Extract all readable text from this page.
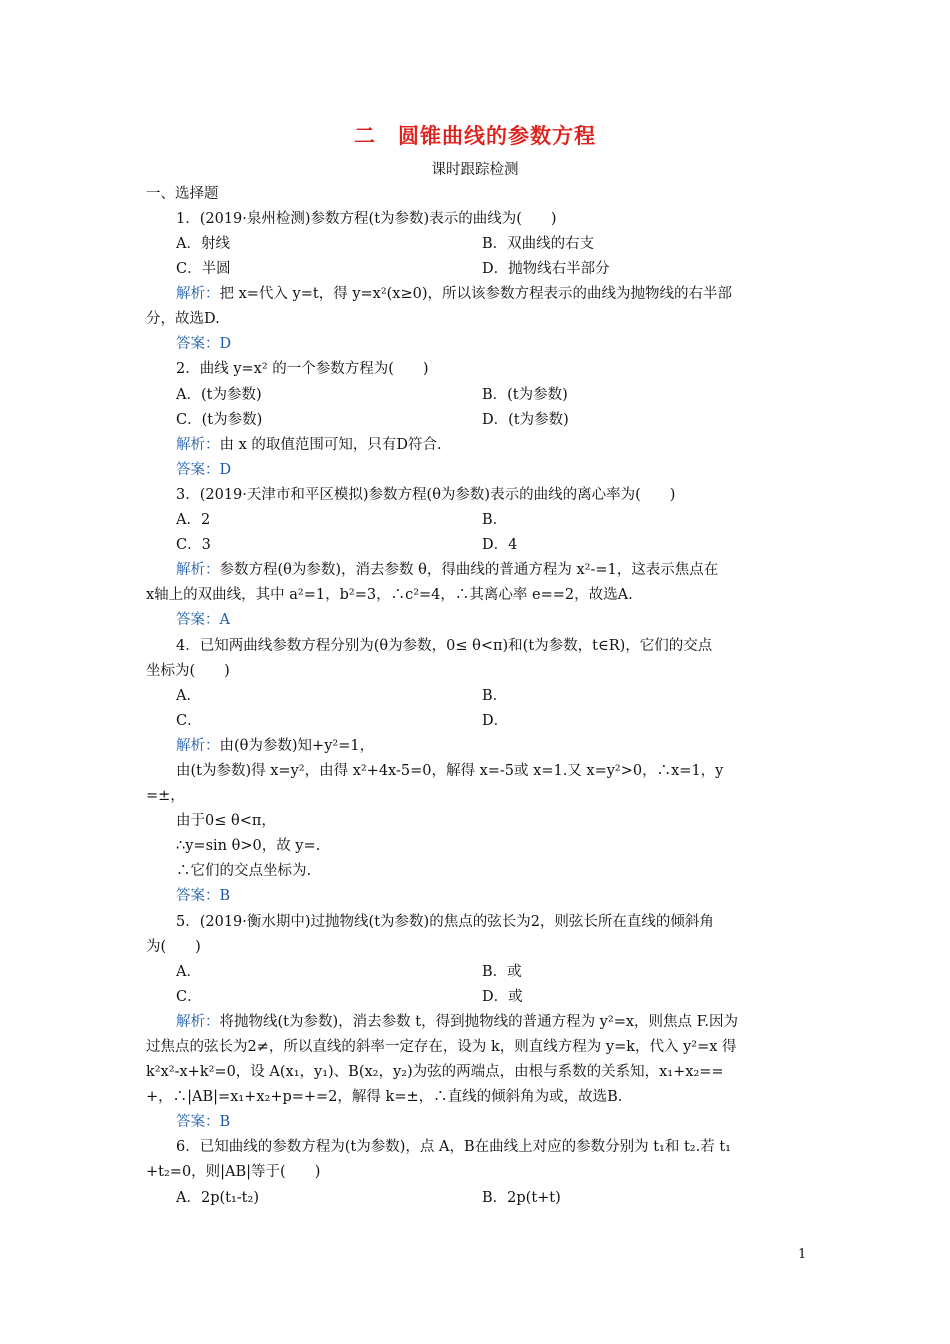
二 圆锥曲线的参数方程
课时跟踪检测
一、选择题
1．(2019·泉州检测)参数方程(t为参数)表示的曲线为(　　)
A．射线	B．双曲线的右支
C．半圆	D．抛物线右半部分
解析：把 x=代入 y=t，得 y=x²(x≥0)，所以该参数方程表示的曲线为抛物线的右半部
分，故选D.
答案：D
2．曲线 y=x² 的一个参数方程为(　　)
A．(t为参数)	B．(t为参数)
C．(t为参数)	D．(t为参数)
解析：由 x 的取值范围可知，只有D符合.
答案：D
3．(2019·天津市和平区模拟)参数方程(θ为参数)表示的曲线的离心率为(　　)
A．2	B．
C．3	D．4
解析：参数方程(θ为参数)，消去参数 θ，得曲线的普通方程为 x²-=1，这表示焦点在
x轴上的双曲线，其中 a²=1，b²=3，∴c²=4，∴其离心率 e==2，故选A.
答案：A
4．已知两曲线参数方程分别为(θ为参数，0≤ θ<π)和(t为参数，t∈R)，它们的交点
坐标为(　　)
A．	B．
C．	D．
解析：由(θ为参数)知+y²=1，
由(t为参数)得 x=y²，由得 x²+4x-5=0，解得 x=-5或 x=1.又 x=y²>0，∴x=1，y
=±，
由于0≤ θ<π，
∴y=sin θ>0，故 y=.
∴它们的交点坐标为.
答案：B
5．(2019·衡水期中)过抛物线(t为参数)的焦点的弦长为2，则弦长所在直线的倾斜角
为(　　)
A．	B．或
C．	D．或
解析：将抛物线(t为参数)，消去参数 t，得到抛物线的普通方程为 y²=x，则焦点 F.因为
过焦点的弦长为2≠，所以直线的斜率一定存在，设为 k，则直线方程为 y=k，代入 y²=x 得
k²x²-x+k²=0，设 A(x₁，y₁)、B(x₂，y₂)为弦的两端点，由根与系数的关系知，x₁+x₂==
+，∴|AB|=x₁+x₂+p=+=2，解得 k=±，∴直线的倾斜角为或，故选B.
答案：B
6．已知曲线的参数方程为(t为参数)，点 A，B在曲线上对应的参数分别为 t₁和 t₂.若 t₁
+t₂=0，则|AB|等于(　　)
A．2p(t₁-t₂)	B．2p(t+t)
1
